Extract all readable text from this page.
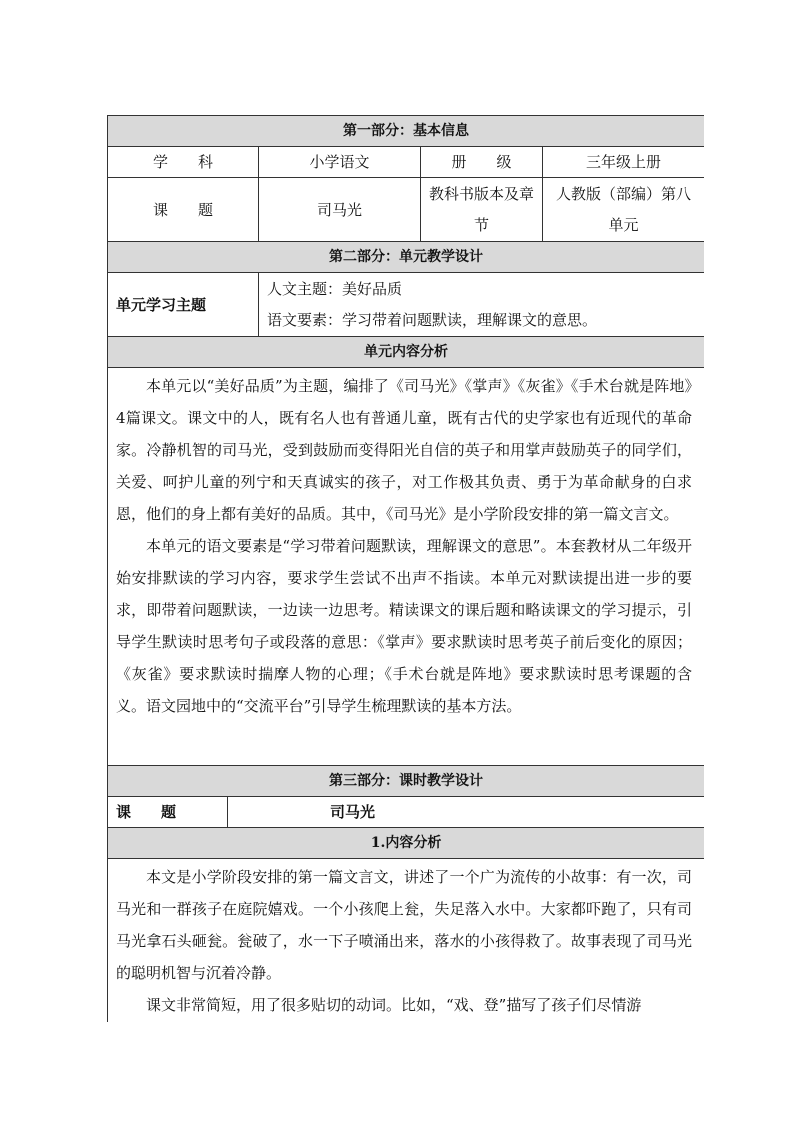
第一部分：基本信息				
学　　科		小学语文	册　　级	三年级上册
课　　题		司马光	教科书版本及章节	人教版（部编）第八单元
第二部分：单元教学设计				
单元学习主题		人文主题：美好品质
语文要素：学习带着问题默读，理解课文的意思。		

单元内容分析				

本单元以“美好品质”为主题，编排了《司马光》《掌声》《灰雀》《手术台就是阵地》4篇课文。课文中的人，既有名人也有普通儿童，既有古代的史学家也有近现代的革命家。冷静机智的司马光，受到鼓励而变得阳光自信的英子和用掌声鼓励英子的同学们，关爱、呵护儿童的列宁和天真诚实的孩子，对工作极其负责、勇于为革命献身的白求恩，他们的身上都有美好的品质。其中，《司马光》是小学阶段安排的第一篇文言文。

本单元的语文要素是“学习带着问题默读，理解课文的意思”。本套教材从二年级开始安排默读的学习内容，要求学生尝试不出声不指读。本单元对默读提出进一步的要求，即带着问题默读，一边读一边思考。精读课文的课后题和略读课文的学习提示，引导学生默读时思考句子或段落的意思：《掌声》要求默读时思考英子前后变化的原因；《灰雀》要求默读时揣摩人物的心理；《手术台就是阵地》要求默读时思考课题的含义。语文园地中的“交流平台”引导学生梳理默读的基本方法。				

第三部分：课时教学设计				
课　　题	司马光			
1.内容分析				

本文是小学阶段安排的第一篇文言文，讲述了一个广为流传的小故事：有一次，司马光和一群孩子在庭院嬉戏。一个小孩爬上瓮，失足落入水中。大家都吓跑了，只有司马光拿石头砸瓮。瓮破了，水一下子喷涌出来，落水的小孩得救了。故事表现了司马光的聪明机智与沉着冷静。

课文非常简短，用了很多贴切的动词。比如，“戏、登”描写了孩子们尽情游				
